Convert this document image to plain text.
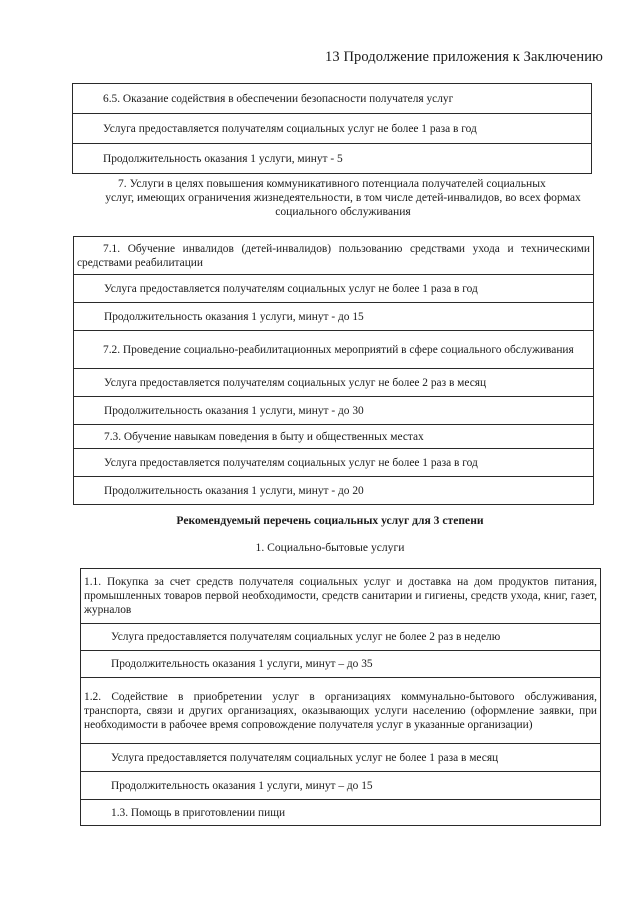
13 Продолжение приложения к Заключению
6.5. Оказание содействия в обеспечении безопасности получателя услуг
Услуга предоставляется получателям социальных услуг не более 1 раза в год
Продолжительность оказания 1 услуги, минут - 5
7. Услуги в целях повышения коммуникативного потенциала получателей социальных
услуг, имеющих ограничения жизнедеятельности, в том числе детей-инвалидов, во всех формах социального обслуживания
7.1. Обучение инвалидов (детей-инвалидов) пользованию средствами ухода и техническими средствами реабилитации
Услуга предоставляется получателям социальных услуг не более 1 раза в год
Продолжительность оказания 1 услуги, минут - до 15
7.2. Проведение социально-реабилитационных мероприятий в сфере социального обслуживания
Услуга предоставляется получателям социальных услуг не более 2 раз в месяц
Продолжительность оказания 1 услуги, минут - до 30
7.3. Обучение навыкам поведения в быту и общественных местах
Услуга предоставляется получателям социальных услуг не более 1 раза в год
Продолжительность оказания 1 услуги, минут - до 20
Рекомендуемый перечень социальных услуг для 3 степени
1. Социально-бытовые услуги
1.1. Покупка за счет средств получателя социальных услуг и доставка на дом продуктов питания, промышленных товаров первой необходимости, средств санитарии и гигиены, средств ухода, книг, газет, журналов
Услуга предоставляется получателям социальных услуг не более 2 раз в неделю
Продолжительность оказания 1 услуги, минут – до 35
1.2. Содействие в приобретении услуг в организациях коммунально-бытового обслуживания, транспорта, связи и других организациях, оказывающих услуги населению (оформление заявки, при необходимости в рабочее время сопровождение получателя услуг в указанные организации)
Услуга предоставляется получателям социальных услуг не более 1 раза в месяц
Продолжительность оказания 1 услуги, минут – до 15
1.3. Помощь в приготовлении пищи
